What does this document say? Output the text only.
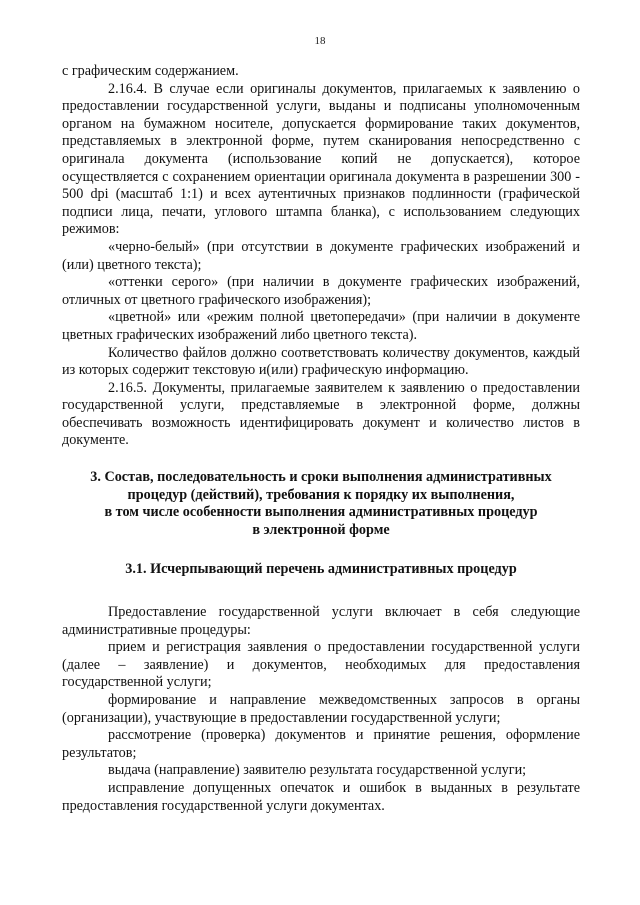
18

с графическим содержанием.

2.16.4. В случае если оригиналы документов, прилагаемых к заявлению о предоставлении государственной услуги, выданы и подписаны уполномоченным органом на бумажном носителе, допускается формирование таких документов, представляемых в электронной форме, путем сканирования непосредственно с оригинала документа (использование копий не допускается), которое осуществляется с сохранением ориентации оригинала документа в разрешении 300 - 500 dpi (масштаб 1:1) и всех аутентичных признаков подлинности (графической подписи лица, печати, углового штампа бланка), с использованием следующих режимов:

«черно-белый» (при отсутствии в документе графических изображений и (или) цветного текста);

«оттенки серого» (при наличии в документе графических изображений, отличных от цветного графического изображения);

«цветной» или «режим полной цветопередачи» (при наличии в документе цветных графических изображений либо цветного текста).

Количество файлов должно соответствовать количеству документов, каждый из которых содержит текстовую и(или) графическую информацию.

2.16.5. Документы, прилагаемые заявителем к заявлению о предоставлении государственной услуги, представляемые в электронной форме, должны обеспечивать возможность идентифицировать документ и количество листов в документе.

3. Состав, последовательность и сроки выполнения административных
процедур (действий), требования к порядку их выполнения,
в том числе особенности выполнения административных процедур
в электронной форме
3.1. Исчерпывающий перечень административных процедур

Предоставление государственной услуги включает в себя следующие административные процедуры:

прием и регистрация заявления о предоставлении государственной услуги (далее – заявление) и документов, необходимых для предоставления государственной услуги;

формирование и направление межведомственных запросов в органы (организации), участвующие в предоставлении государственной услуги;

рассмотрение (проверка) документов и принятие решения, оформление результатов;

выдача (направление) заявителю результата государственной услуги;

исправление допущенных опечаток и ошибок в выданных в результате предоставления государственной услуги документах.
